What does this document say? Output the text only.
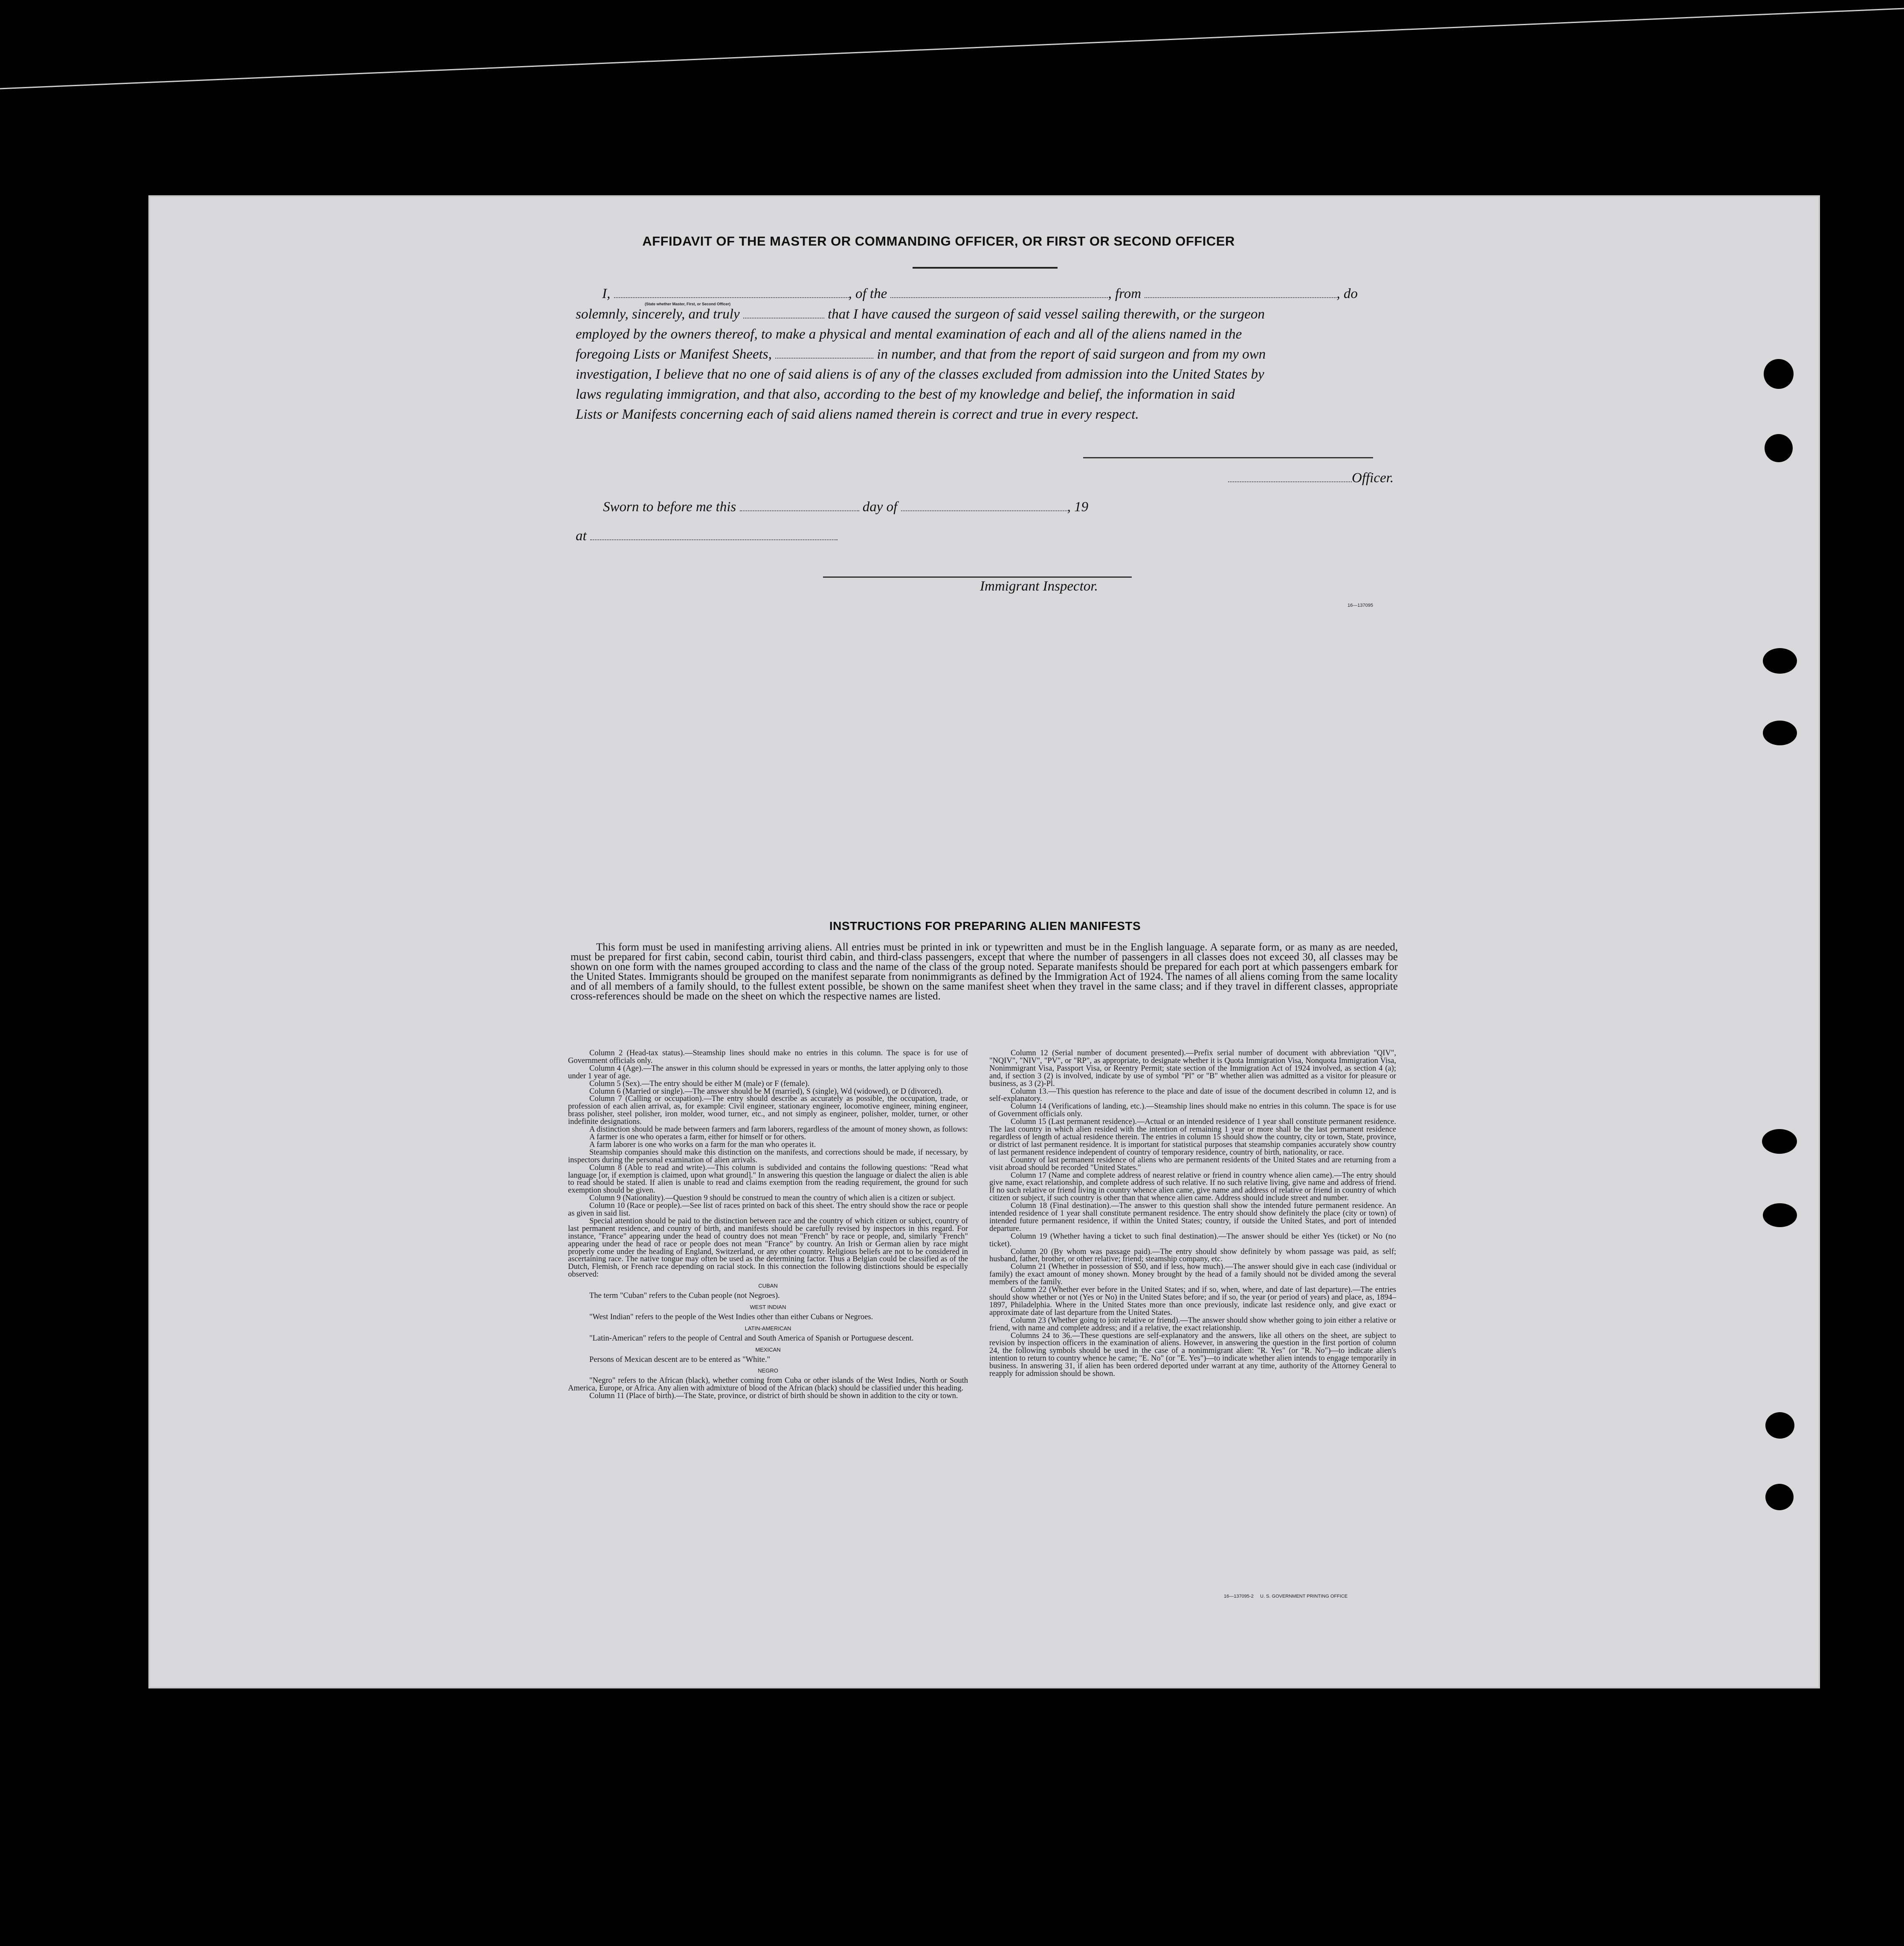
AFFIDAVIT OF THE MASTER OR COMMANDING OFFICER, OR FIRST OR SECOND OFFICER
I,	, of the	, from	, do
(State whether Master, First, or Second Officer)
solemnly, sincerely, and truly	that I have caused the surgeon of said vessel sailing therewith, or the surgeon
employed by the owners thereof, to make a physical and mental examination of each and all of the aliens named in the
foregoing Lists or Manifest Sheets,	in number, and that from the report of said surgeon and from my own
investigation, I believe that no one of said aliens is of any of the classes excluded from admission into the United States by
laws regulating immigration, and that also, according to the best of my knowledge and belief, the information in said
Lists or Manifests concerning each of said aliens named therein is correct and true in every respect.
Officer.
Sworn to before me this	day of	, 19
at
Immigrant Inspector.
16—137095
INSTRUCTIONS FOR PREPARING ALIEN MANIFESTS
This form must be used in manifesting arriving aliens. All entries must be printed in ink or typewritten and must be in the English language. A separate form, or as many as are needed, must be prepared for first cabin, second cabin, tourist third cabin, and third-class passengers, except that where the number of passengers in all classes does not exceed 30, all classes may be shown on one form with the names grouped according to class and the name of the class of the group noted. Separate manifests should be prepared for each port at which passengers embark for the United States. Immigrants should be grouped on the manifest separate from nonimmigrants as defined by the Immigration Act of 1924. The names of all aliens coming from the same locality and of all members of a family should, to the fullest extent possible, be shown on the same manifest sheet when they travel in the same class; and if they travel in different classes, appropriate cross-references should be made on the sheet on which the respective names are listed.

Column 2 (Head-tax status).—Steamship lines should make no entries in this column. The space is for use of Government officials only.

Column 4 (Age).—The answer in this column should be expressed in years or months, the latter applying only to those under 1 year of age.

Column 5 (Sex).—The entry should be either M (male) or F (female).

Column 6 (Married or single).—The answer should be M (married), S (single), Wd (widowed), or D (divorced).

Column 7 (Calling or occupation).—The entry should describe as accurately as possible, the occupation, trade, or profession of each alien arrival, as, for example: Civil engineer, stationary engineer, locomotive engineer, mining engineer, brass polisher, steel polisher, iron molder, wood turner, etc., and not simply as engineer, polisher, molder, turner, or other indefinite designations.

A distinction should be made between farmers and farm laborers, regardless of the amount of money shown, as follows:

A farmer is one who operates a farm, either for himself or for others.

A farm laborer is one who works on a farm for the man who operates it.

Steamship companies should make this distinction on the manifests, and corrections should be made, if necessary, by inspectors during the personal examination of alien arrivals.

Column 8 (Able to read and write).—This column is subdivided and contains the following questions: "Read what language [or, if exemption is claimed, upon what ground]." In answering this question the language or dialect the alien is able to read should be stated. If alien is unable to read and claims exemption from the reading requirement, the ground for such exemption should be given.

Column 9 (Nationality).—Question 9 should be construed to mean the country of which alien is a citizen or subject.

Column 10 (Race or people).—See list of races printed on back of this sheet. The entry should show the race or people as given in said list.

Special attention should be paid to the distinction between race and the country of which citizen or subject, country of last permanent residence, and country of birth, and manifests should be carefully revised by inspectors in this regard. For instance, "France" appearing under the head of country does not mean "French" by race or people, and, similarly "French" appearing under the head of race or people does not mean "France" by country. An Irish or German alien by race might properly come under the heading of England, Switzerland, or any other country. Religious beliefs are not to be considered in ascertaining race. The native tongue may often be used as the determining factor. Thus a Belgian could be classified as of the Dutch, Flemish, or French race depending on racial stock. In this connection the following distinctions should be especially observed:

CUBAN

The term "Cuban" refers to the Cuban people (not Negroes).

WEST INDIAN

"West Indian" refers to the people of the West Indies other than either Cubans or Negroes.

LATIN-AMERICAN

"Latin-American" refers to the people of Central and South America of Spanish or Portuguese descent.

MEXICAN

Persons of Mexican descent are to be entered as "White."

NEGRO

"Negro" refers to the African (black), whether coming from Cuba or other islands of the West Indies, North or South America, Europe, or Africa. Any alien with admixture of blood of the African (black) should be classified under this heading.

Column 11 (Place of birth).—The State, province, or district of birth should be shown in addition to the city or town.

Column 12 (Serial number of document presented).—Prefix serial number of document with abbreviation "QIV", "NQIV", "NIV", "PV", or "RP", as appropriate, to designate whether it is Quota Immigration Visa, Nonquota Immigration Visa, Nonimmigrant Visa, Passport Visa, or Reentry Permit; state section of the Immigration Act of 1924 involved, as section 4 (a); and, if section 3 (2) is involved, indicate by use of symbol "Pl" or "B" whether alien was admitted as a visitor for pleasure or business, as 3 (2)-Pl.

Column 13.—This question has reference to the place and date of issue of the document described in column 12, and is self-explanatory.

Column 14 (Verifications of landing, etc.).—Steamship lines should make no entries in this column. The space is for use of Government officials only.

Column 15 (Last permanent residence).—Actual or an intended residence of 1 year shall constitute permanent residence. The last country in which alien resided with the intention of remaining 1 year or more shall be the last permanent residence regardless of length of actual residence therein. The entries in column 15 should show the country, city or town, State, province, or district of last permanent residence. It is important for statistical purposes that steamship companies accurately show country of last permanent residence independent of country of temporary residence, country of birth, nationality, or race.

Country of last permanent residence of aliens who are permanent residents of the United States and are returning from a visit abroad should be recorded "United States."

Column 17 (Name and complete address of nearest relative or friend in country whence alien came).—The entry should give name, exact relationship, and complete address of such relative. If no such relative living, give name and address of friend. If no such relative or friend living in country whence alien came, give name and address of relative or friend in country of which citizen or subject, if such country is other than that whence alien came. Address should include street and number.

Column 18 (Final destination).—The answer to this question shall show the intended future permanent residence. An intended residence of 1 year shall constitute permanent residence. The entry should show definitely the place (city or town) of intended future permanent residence, if within the United States; country, if outside the United States, and port of intended departure.

Column 19 (Whether having a ticket to such final destination).—The answer should be either Yes (ticket) or No (no ticket).

Column 20 (By whom was passage paid).—The entry should show definitely by whom passage was paid, as self; husband, father, brother, or other relative; friend; steamship company, etc.

Column 21 (Whether in possession of $50, and if less, how much).—The answer should give in each case (individual or family) the exact amount of money shown. Money brought by the head of a family should not be divided among the several members of the family.

Column 22 (Whether ever before in the United States; and if so, when, where, and date of last departure).—The entries should show whether or not (Yes or No) in the United States before; and if so, the year (or period of years) and place, as, 1894–1897, Philadelphia. Where in the United States more than once previously, indicate last residence only, and give exact or approximate date of last departure from the United States.

Column 23 (Whether going to join relative or friend).—The answer should show whether going to join either a relative or friend, with name and complete address; and if a relative, the exact relationship.

Columns 24 to 36.—These questions are self-explanatory and the answers, like all others on the sheet, are subject to revision by inspection officers in the examination of aliens. However, in answering the question in the first portion of column 24, the following symbols should be used in the case of a nonimmigrant alien: "R. Yes" (or "R. No")—to indicate alien's intention to return to country whence he came; "E. No" (or "E. Yes")—to indicate whether alien intends to engage temporarily in business. In answering 31, if alien has been ordered deported under warrant at any time, authority of the Attorney General to reapply for admission should be shown.

16—137095-2     U. S. GOVERNMENT PRINTING OFFICE
